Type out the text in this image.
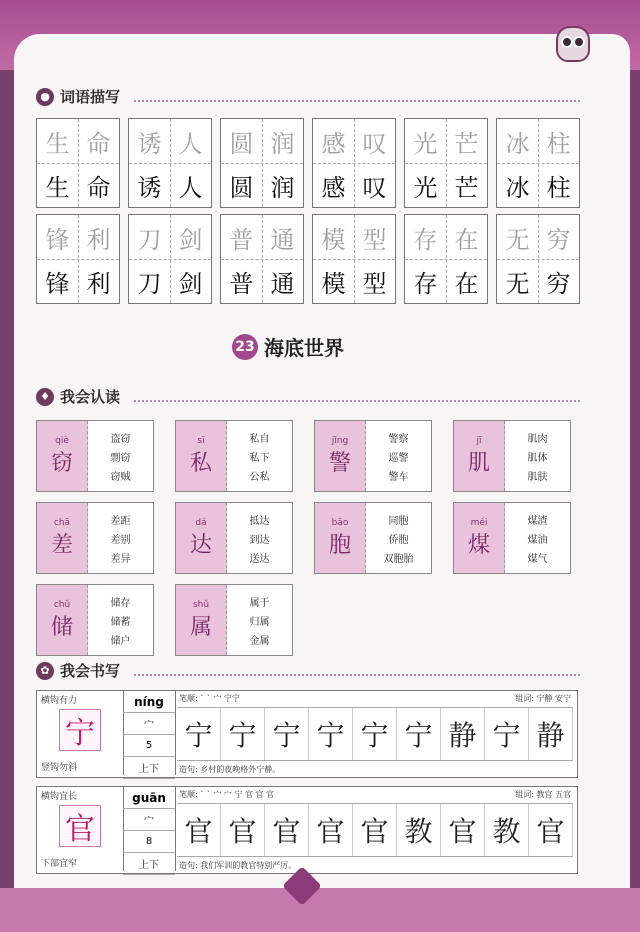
● 词语描写
生 命
生 命
诱 人
诱 人
圆 润
圆 润
感 叹
感 叹
光 芒
光 芒
冰 柱
冰 柱
锋 利
锋 利
刀 剑
刀 剑
普 通
普 通
模 型
模 型
存 在
存 在
无 穷
无 穷
23 海底世界
♦ 我会认读
qiè
窃
盗窃
剽窃
窃贼
sī
私
私自
私下
公私
jǐng
警
警察
巡警
警车
jī
肌
肌肉
肌体
肌肤
chā
差
差距
差别
差异
dá
达
抵达
到达
送达
bāo
胞
同胞
侨胞
双胞胎
méi
煤
煤渣
煤油
煤气
chǔ
储
储存
储蓄
储户
shǔ
属
属于
归属
金属
✿ 我会书写
横钩有力
宁
竖钩勿斜
níng
宀
5
上下
笔顺: ˋ ˋ 宀 宁宁	组词: 宁静 安宁
宁 宁 宁 宁 宁 宁 静 宁 静
造句: 乡村的夜晚格外宁静。
横钩宜长
官
下部宜窄
guān
宀
8
上下
笔顺: ˋ ˋ 宀 宀 宁 官 官 官	组词: 教官 五官
官 官 官 官 官 教 官 教 官
造句: 我们军训的教官特别严厉。
